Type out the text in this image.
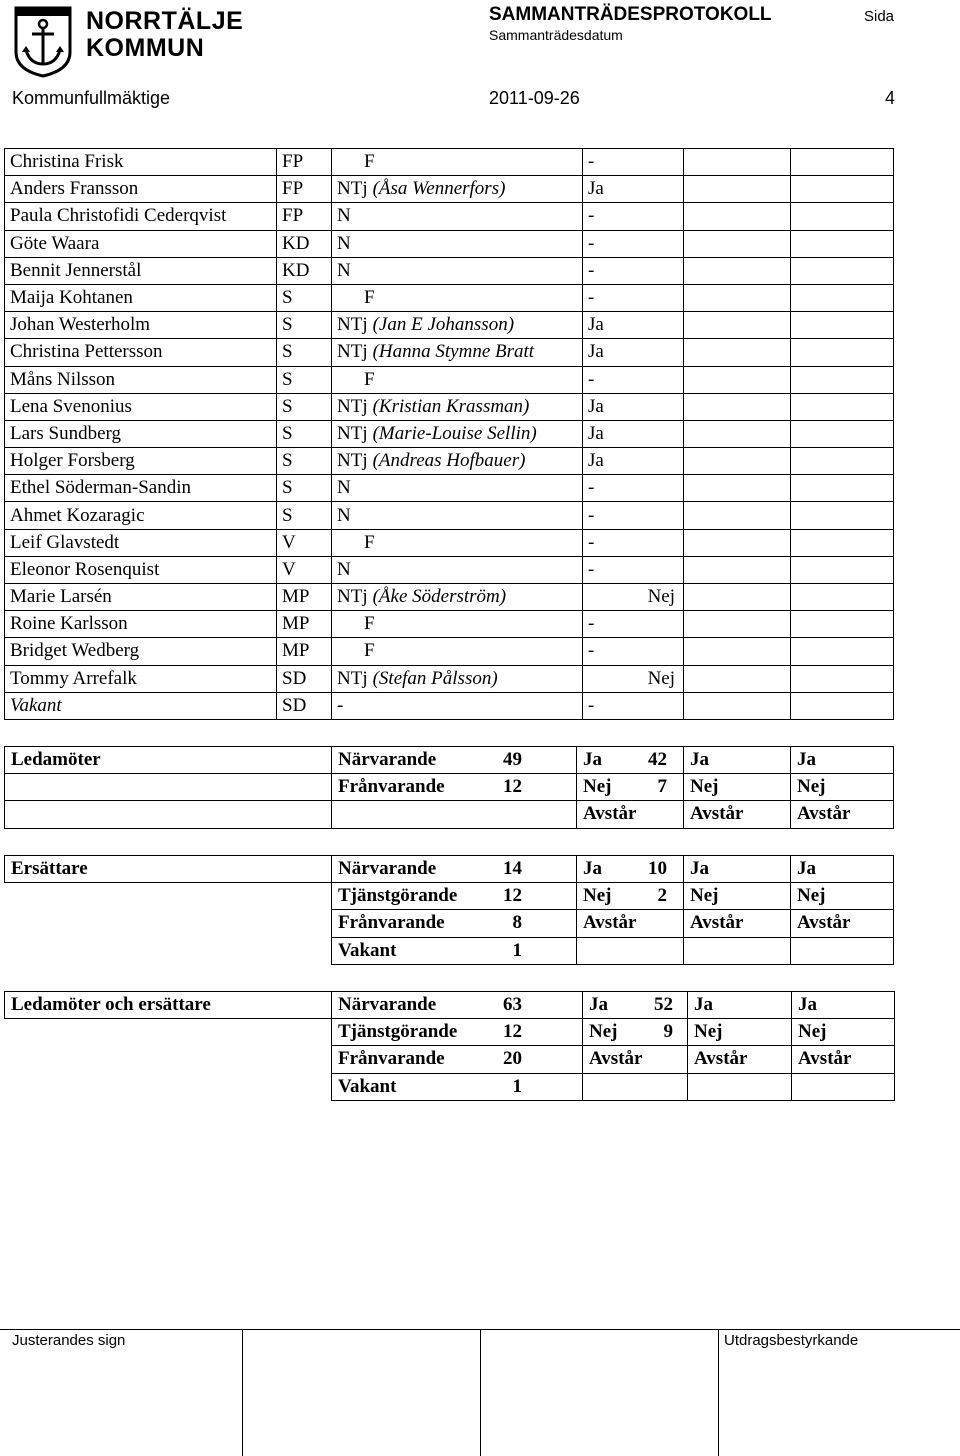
NORRTÄLJE
KOMMUN
SAMMANTRÄDESPROTOKOLL
Sammanträdesdatum
Sida
Kommunfullmäktige	2011-09-26	4
Christina Frisk	FP	F	-		
Anders Fransson	FP	NTj (Åsa Wennerfors)	Ja		
Paula Christofidi Cederqvist	FP	N	-		
Göte Waara	KD	N	-		
Bennit Jennerstål	KD	N	-		
Maija Kohtanen	S	F	-		
Johan Westerholm	S	NTj (Jan E Johansson)	Ja		
Christina Pettersson	S	NTj (Hanna Stymne Bratt	Ja		
Måns Nilsson	S	F	-		
Lena Svenonius	S	NTj (Kristian Krassman)	Ja		
Lars Sundberg	S	NTj (Marie-Louise Sellin)	Ja		
Holger Forsberg	S	NTj (Andreas Hofbauer)	Ja		
Ethel Söderman-Sandin	S	N	-		
Ahmet Kozaragic	S	N	-		
Leif Glavstedt	V	F	-		
Eleonor Rosenquist	V	N	-		
Marie Larsén	MP	NTj (Åke Söderström)	Nej		
Roine Karlsson	MP	F	-		
Bridget Wedberg	MP	F	-		
Tommy Arrefalk	SD	NTj (Stefan Pålsson)	Nej		
Vakant	SD	-	-		
Ledamöter	Närvarande 49	Ja 42	Ja	Ja
	Frånvarande 12	Nej 7	Nej	Nej
		Avstår	Avstår	Avstår
Ersättare	Närvarande 14	Ja 10	Ja	Ja
	Tjänstgörande 12	Nej 2	Nej	Nej
	Frånvarande 8	Avstår	Avstår	Avstår
	Vakant 1			
Ledamöter och ersättare	Närvarande 63	Ja 52	Ja	Ja
	Tjänstgörande 12	Nej 9	Nej	Nej
	Frånvarande 20	Avstår	Avstår	Avstår
	Vakant 1			
Justerandes sign	Utdragsbestyrkande
